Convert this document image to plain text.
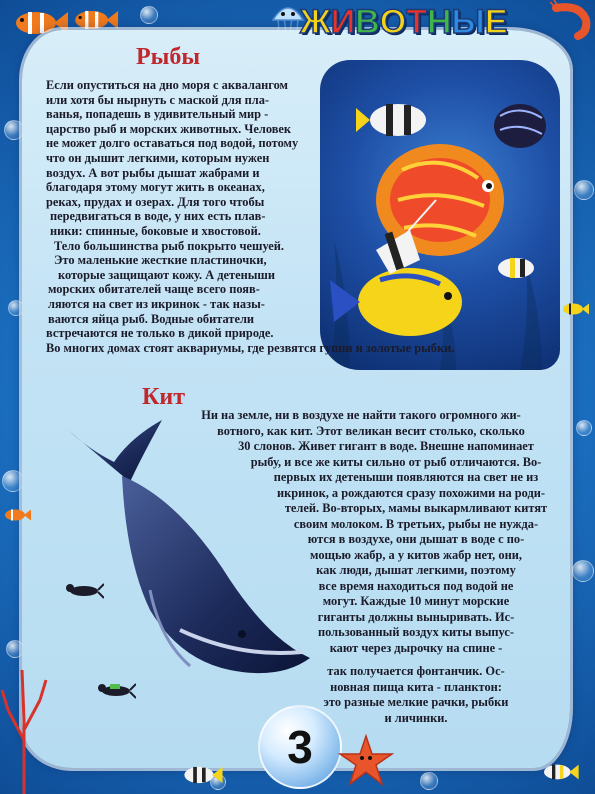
Ж И В О Т Н Ы Е
Рыбы

Если опуститься на дно моря с аквалангом

или хотя бы нырнуть с маской для пла-

ванья, попадешь в удивительный мир -

царство рыб и морских животных. Человек

не может долго оставаться под водой, потому

что он дышит легкими, которым нужен

воздух. А вот рыбы дышат жабрами и

благодаря этому могут жить в океанах,

реках, прудах и озерах. Для того чтобы

передвигаться в воде, у них есть плав-

ники: спинные, боковые и хвостовой.

Тело большинства рыб покрыто чешуей.

Это маленькие жесткие пластиночки,

которые защищают кожу. А детеныши

морских обитателей чаще всего появ-

ляются на свет из икринок - так назы-

ваются яйца рыб. Водные обитатели

встречаются не только в дикой природе.

Во многих домах стоят аквариумы, где резвятся гуппи и золотые рыбки.

Кит

Ни на земле, ни в воздухе не найти такого огромного жи-

вотного, как кит. Этот великан весит столько, сколько

30 слонов. Живет гигант в воде. Внешне напоминает

рыбу, и все же киты сильно от рыб отличаются. Во-

первых их детеныши появляются на свет не из

икринок, а рождаются сразу похожими на роди-

телей. Во-вторых, мамы выкармливают китят

своим молоком. В третьих, рыбы не нужда-

ются в воздухе, они дышат в воде с по-

мощью жабр, а у китов жабр нет, они,

как люди, дышат легкими, поэтому

все время находиться под водой не

могут. Каждые 10 минут морские

гиганты должны выныривать. Ис-

пользованный воздух киты выпус-

кают через дырочку на спине -

так получается фонтанчик. Ос-

новная пища кита - планктон:

это разные мелкие рачки, рыбки

и личинки.

3
